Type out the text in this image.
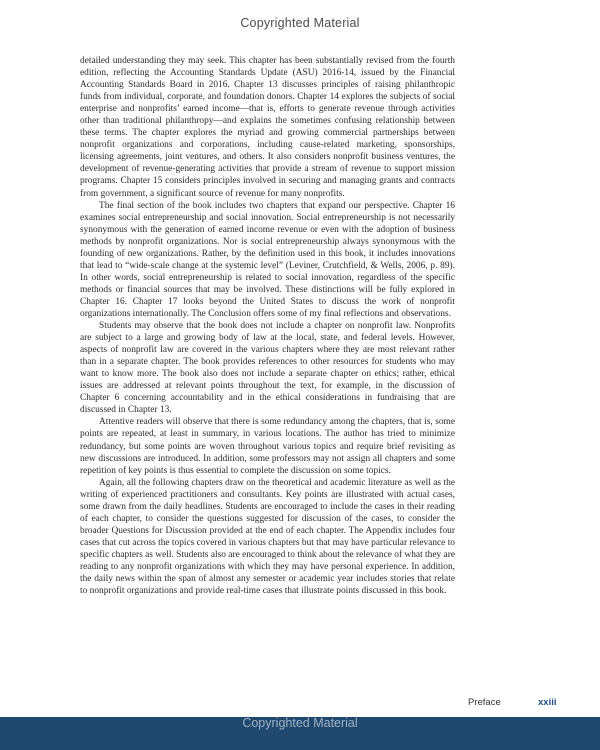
Copyrighted Material

detailed understanding they may seek. This chapter has been substantially revised from the fourth edition, reflecting the Accounting Standards Update (ASU) 2016-14, issued by the Financial Accounting Standards Board in 2016. Chapter 13 discusses principles of raising philanthropic funds from individual, corporate, and foundation donors. Chapter 14 explores the subjects of social enterprise and nonprofits’ earned income—that is, efforts to generate revenue through activities other than traditional philanthropy—and explains the sometimes confusing relationship between these terms. The chapter explores the myriad and growing commercial partnerships between nonprofit organizations and corporations, including cause-related marketing, sponsorships, licensing agreements, joint ventures, and others. It also considers nonprofit business ventures, the development of revenue-generating activities that provide a stream of revenue to support mission programs. Chapter 15 considers principles involved in securing and managing grants and contracts from government, a significant source of revenue for many nonprofits.

The final section of the book includes two chapters that expand our perspective. Chapter 16 examines social entrepreneurship and social innovation. Social entrepreneurship is not necessarily synonymous with the generation of earned income revenue or even with the adoption of business methods by nonprofit organizations. Nor is social entrepreneurship always synonymous with the founding of new organizations. Rather, by the definition used in this book, it includes innovations that lead to “wide-scale change at the systemic level” (Leviner, Crutchfield, & Wells, 2006, p. 89). In other words, social entrepreneurship is related to social innovation, regardless of the specific methods or financial sources that may be involved. These distinctions will be fully explored in Chapter 16. Chapter 17 looks beyond the United States to discuss the work of nonprofit organizations internationally. The Conclusion offers some of my final reflections and observations.

Students may observe that the book does not include a chapter on nonprofit law. Nonprofits are subject to a large and growing body of law at the local, state, and federal levels. However, aspects of nonprofit law are covered in the various chapters where they are most relevant rather than in a separate chapter. The book provides references to other resources for students who may want to know more. The book also does not include a separate chapter on ethics; rather, ethical issues are addressed at relevant points throughout the text, for example, in the discussion of Chapter 6 concerning accountability and in the ethical considerations in fundraising that are discussed in Chapter 13.

Attentive readers will observe that there is some redundancy among the chapters, that is, some points are repeated, at least in summary, in various locations. The author has tried to minimize redundancy, but some points are woven throughout various topics and require brief revisiting as new discussions are introduced. In addition, some professors may not assign all chapters and some repetition of key points is thus essential to complete the discussion on some topics.

Again, all the following chapters draw on the theoretical and academic literature as well as the writing of experienced practitioners and consultants. Key points are illustrated with actual cases, some drawn from the daily headlines. Students are encouraged to include the cases in their reading of each chapter, to consider the questions suggested for discussion of the cases, to consider the broader Questions for Discussion provided at the end of each chapter. The Appendix includes four cases that cut across the topics covered in various chapters but that may have particular relevance to specific chapters as well. Students also are encouraged to think about the relevance of what they are reading to any nonprofit organizations with which they may have personal experience. In addition, the daily news within the span of almost any semester or academic year includes stories that relate to nonprofit organizations and provide real-time cases that illustrate points discussed in this book.

Preface	xxiii
Copyrighted Material
